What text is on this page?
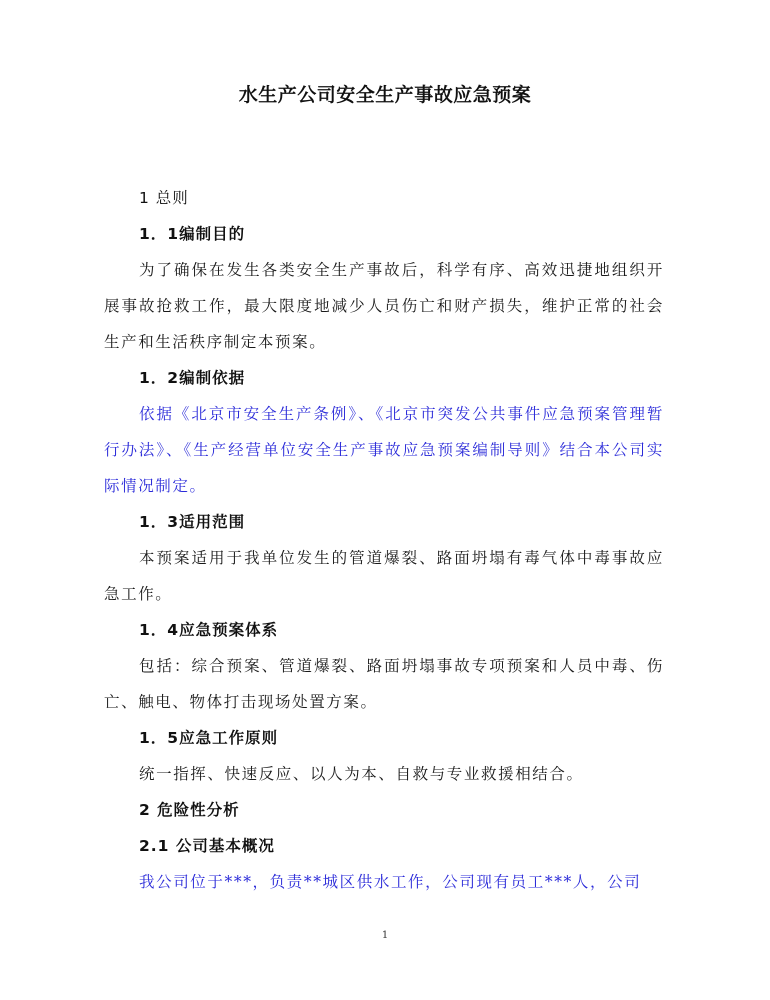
水生产公司安全生产事故应急预案

1 总则

1．1编制目的

为了确保在发生各类安全生产事故后，科学有序、高效迅捷地组织开展事故抢救工作，最大限度地减少人员伤亡和财产损失，维护正常的社会生产和生活秩序制定本预案。

1．2编制依据

依据《北京市安全生产条例》、《北京市突发公共事件应急预案管理暂行办法》、《生产经营单位安全生产事故应急预案编制导则》结合本公司实际情况制定。

1．3适用范围

本预案适用于我单位发生的管道爆裂、路面坍塌有毒气体中毒事故应急工作。

1．4应急预案体系

包括：综合预案、管道爆裂、路面坍塌事故专项预案和人员中毒、伤亡、触电、物体打击现场处置方案。

1．5应急工作原则

统一指挥、快速反应、以人为本、自救与专业救援相结合。

2 危险性分析

2.1 公司基本概况

我公司位于***，负责**城区供水工作，公司现有员工***人，公司

1
